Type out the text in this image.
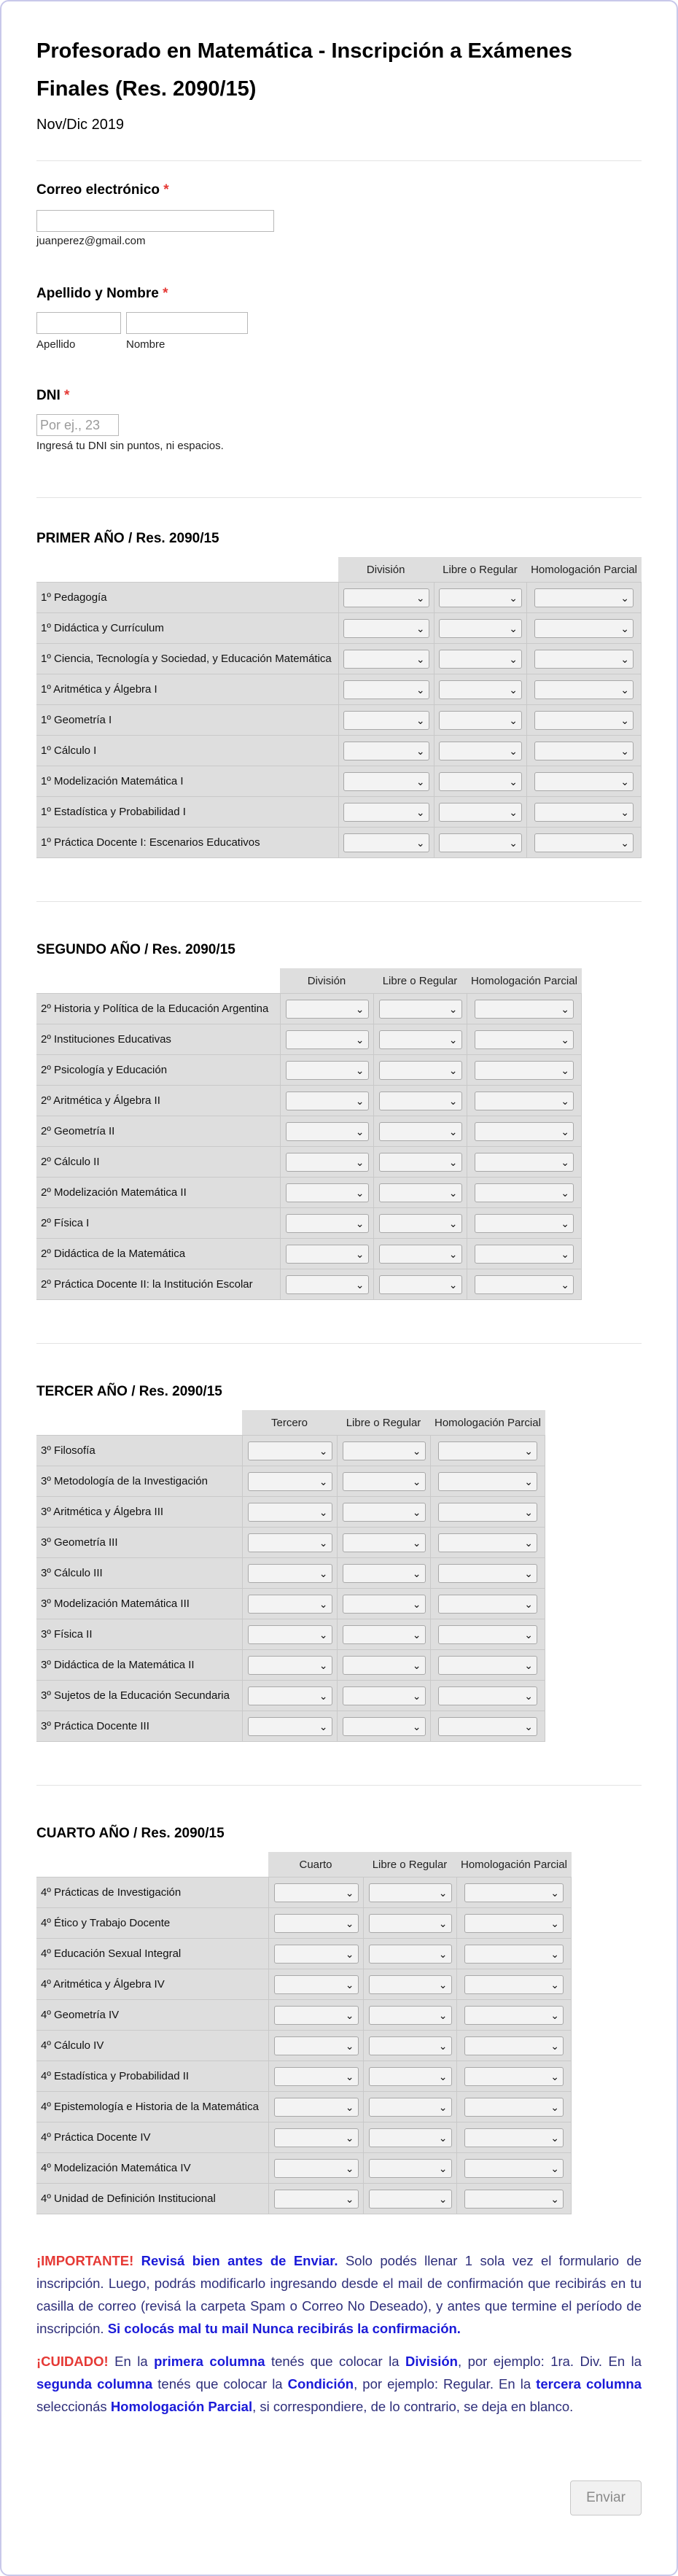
Profesorado en Matemática - Inscripción a Exámenes Finales (Res. 2090/15)
Nov/Dic 2019
Correo electrónico *
juanperez@gmail.com
Apellido y Nombre *
Apellido	Nombre
DNI *
Por ej., 23
Ingresá tu DNI sin puntos, ni espacios.
PRIMER AÑO / Res. 2090/15
	División	Libre o Regular	Homologación Parcial
1º Pedagogía	⌄	⌄	⌄

1º Didáctica y Currículum	⌄	⌄	⌄

1º Ciencia, Tecnología y Sociedad, y Educación Matemática	⌄	⌄	⌄

1º Aritmética y Álgebra I	⌄	⌄	⌄

1º Geometría I	⌄	⌄	⌄

1º Cálculo I	⌄	⌄	⌄

1º Modelización Matemática I	⌄	⌄	⌄

1º Estadística y Probabilidad I	⌄	⌄	⌄

1º Práctica Docente I: Escenarios Educativos	⌄	⌄	⌄
SEGUNDO AÑO / Res. 2090/15
	División	Libre o Regular	Homologación Parcial
2º Historia y Política de la Educación Argentina	⌄	⌄	⌄

2º Instituciones Educativas	⌄	⌄	⌄

2º Psicología y Educación	⌄	⌄	⌄

2º Aritmética y Álgebra II	⌄	⌄	⌄

2º Geometría II	⌄	⌄	⌄

2º Cálculo II	⌄	⌄	⌄

2º Modelización Matemática II	⌄	⌄	⌄

2º Física I	⌄	⌄	⌄

2º Didáctica de la Matemática	⌄	⌄	⌄

2º Práctica Docente II: la Institución Escolar	⌄	⌄	⌄
TERCER AÑO / Res. 2090/15
	Tercero	Libre o Regular	Homologación Parcial
3º Filosofía	⌄	⌄	⌄

3º Metodología de la Investigación	⌄	⌄	⌄

3º Aritmética y Álgebra III	⌄	⌄	⌄

3º Geometría III	⌄	⌄	⌄

3º Cálculo III	⌄	⌄	⌄

3º Modelización Matemática III	⌄	⌄	⌄

3º Física II	⌄	⌄	⌄

3º Didáctica de la Matemática II	⌄	⌄	⌄

3º Sujetos de la Educación Secundaria	⌄	⌄	⌄

3º Práctica Docente III	⌄	⌄	⌄
CUARTO AÑO / Res. 2090/15
	Cuarto	Libre o Regular	Homologación Parcial
4º Prácticas de Investigación	⌄	⌄	⌄

4º Ético y Trabajo Docente	⌄	⌄	⌄

4º Educación Sexual Integral	⌄	⌄	⌄

4º Aritmética y Álgebra IV	⌄	⌄	⌄

4º Geometría IV	⌄	⌄	⌄

4º Cálculo IV	⌄	⌄	⌄

4º Estadística y Probabilidad II	⌄	⌄	⌄

4º Epistemología e Historia de la Matemática	⌄	⌄	⌄

4º Práctica Docente IV	⌄	⌄	⌄

4º Modelización Matemática IV	⌄	⌄	⌄

4º Unidad de Definición Institucional	⌄	⌄	⌄

¡IMPORTANTE! Revisá bien antes de Enviar. Solo podés llenar 1 sola vez el formulario de inscripción. Luego, podrás modificarlo ingresando desde el mail de confirmación que recibirás en tu casilla de correo (revisá la carpeta Spam o Correo No Deseado), y antes que termine el período de inscripción. Si colocás mal tu mail Nunca recibirás la confirmación.

¡CUIDADO! En la primera columna tenés que colocar la División, por ejemplo: 1ra. Div. En la segunda columna tenés que colocar la Condición, por ejemplo: Regular. En la tercera columna seleccionás Homologación Parcial, si correspondiere, de lo contrario, se deja en blanco.

Enviar
